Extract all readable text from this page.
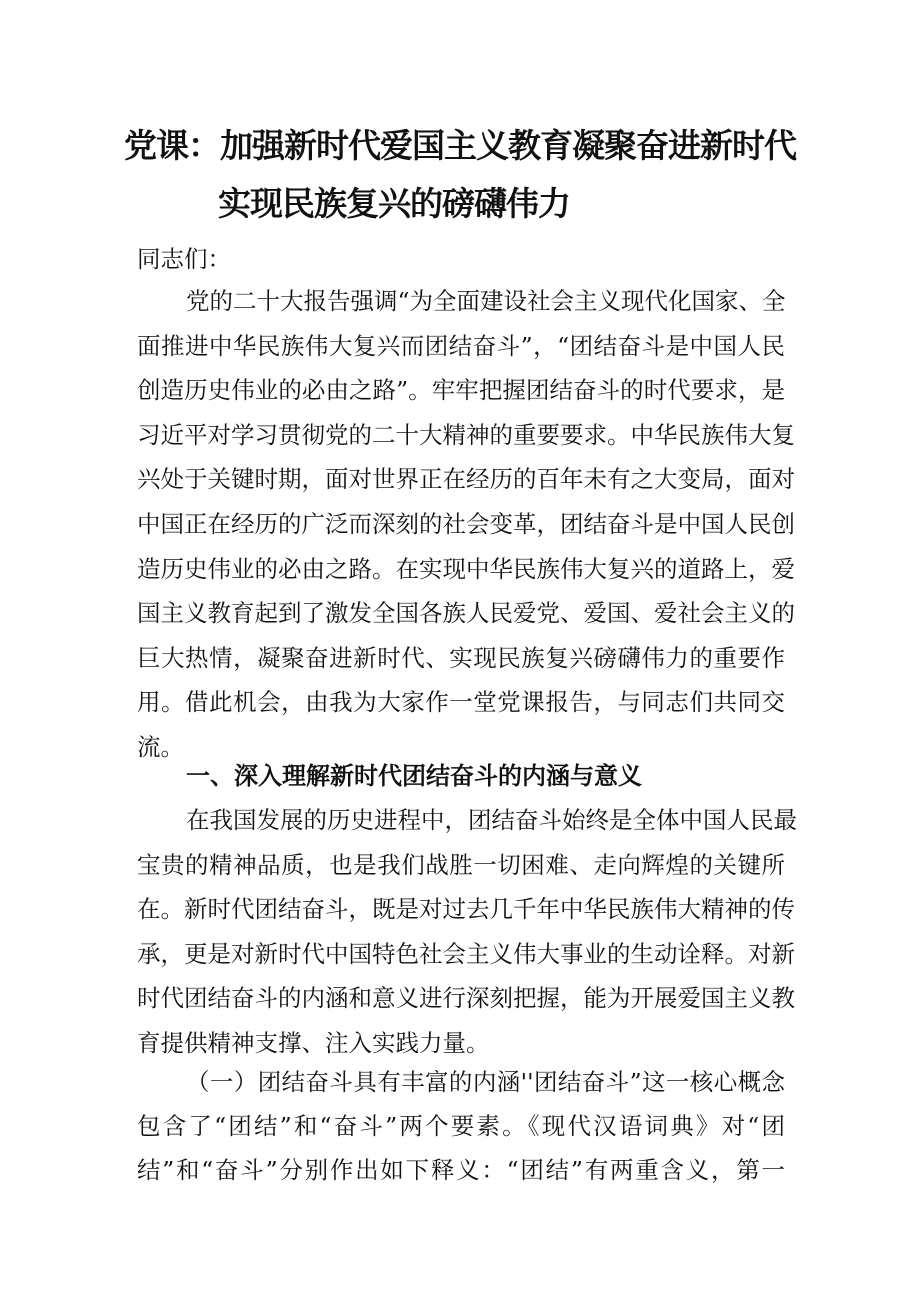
党课：加强新时代爱国主义教育凝聚奋进新时代
实现民族复兴的磅礴伟力
同志们：
党的二十大报告强调“为全面建设社会主义现代化国家、全
面推进中华民族伟大复兴而团结奋斗”，“团结奋斗是中国人民
创造历史伟业的必由之路”。牢牢把握团结奋斗的时代要求，是
习近平对学习贯彻党的二十大精神的重要要求。中华民族伟大复
兴处于关键时期，面对世界正在经历的百年未有之大变局，面对
中国正在经历的广泛而深刻的社会变革，团结奋斗是中国人民创
造历史伟业的必由之路。在实现中华民族伟大复兴的道路上，爱
国主义教育起到了激发全国各族人民爱党、爱国、爱社会主义的
巨大热情，凝聚奋进新时代、实现民族复兴磅礴伟力的重要作
用。借此机会，由我为大家作一堂党课报告，与同志们共同交
流。
一、深入理解新时代团结奋斗的内涵与意义
在我国发展的历史进程中，团结奋斗始终是全体中国人民最
宝贵的精神品质，也是我们战胜一切困难、走向辉煌的关键所
在。新时代团结奋斗，既是对过去几千年中华民族伟大精神的传
承，更是对新时代中国特色社会主义伟大事业的生动诠释。对新
时代团结奋斗的内涵和意义进行深刻把握，能为开展爱国主义教
育提供精神支撑、注入实践力量。
（一）团结奋斗具有丰富的内涵''团结奋斗”这一核心概念
包含了“团结”和“奋斗”两个要素。《现代汉语词典》对“团
结”和“奋斗”分别作出如下释义：“团结”有两重含义，第一
